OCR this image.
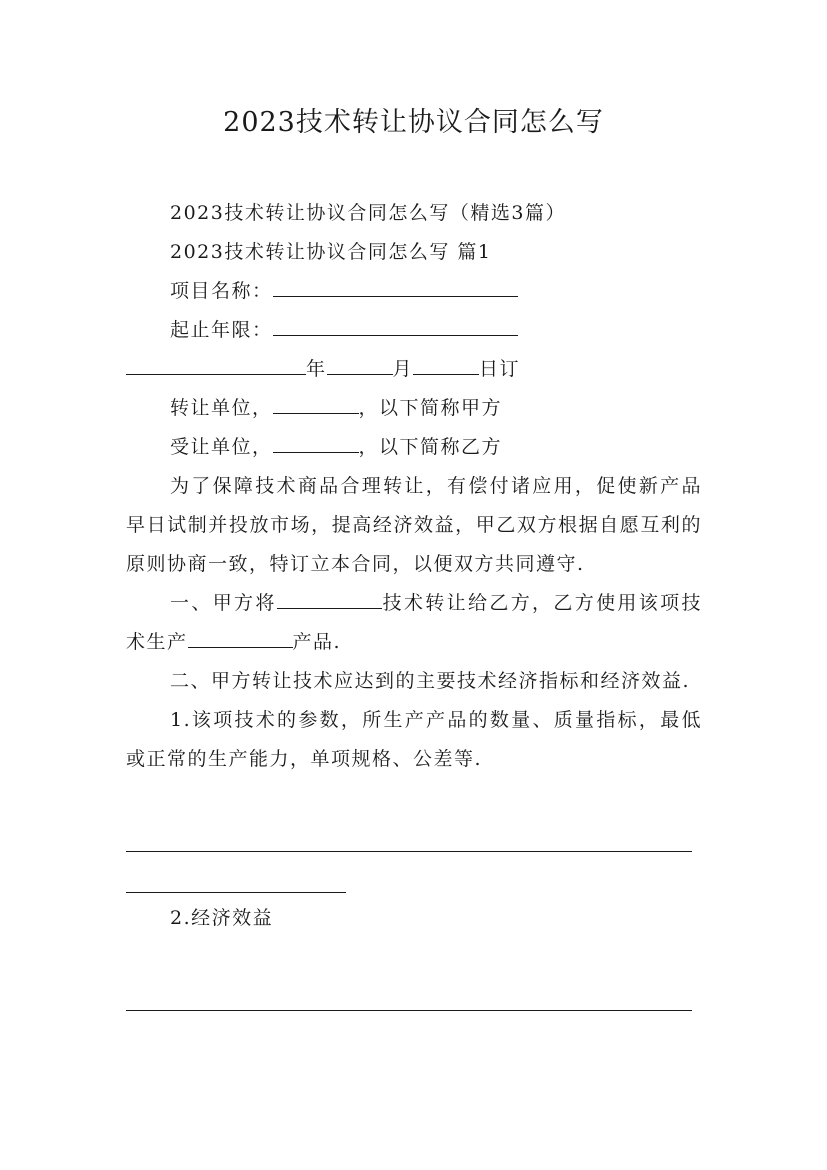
2023技术转让协议合同怎么写

2023技术转让协议合同怎么写（精选3篇）

2023技术转让协议合同怎么写 篇1

项目名称：

起止年限：

年	月	日订

转让单位，	，以下简称甲方

受让单位，	，以下简称乙方

为了保障技术商品合理转让，有偿付诸应用，促使新产品早日试制并投放市场，提高经济效益，甲乙双方根据自愿互利的原则协商一致，特订立本合同，以便双方共同遵守.

一、甲方将	技术转让给乙方，乙方使用该项技术生产	产品.

二、甲方转让技术应达到的主要技术经济指标和经济效益.

1.该项技术的参数，所生产产品的数量、质量指标，最低或正常的生产能力，单项规格、公差等.

2.经济效益
